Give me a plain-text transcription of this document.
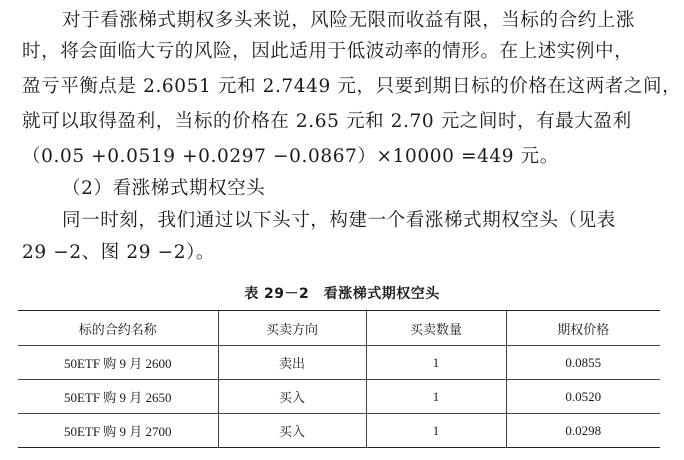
对于看涨梯式期权多头来说，风险无限而收益有限，当标的合约上涨
时，将会面临大亏的风险，因此适用于低波动率的情形。在上述实例中，
盈亏平衡点是 2.6051 元和 2.7449 元，只要到期日标的价格在这两者之间，
就可以取得盈利，当标的价格在 2.65 元和 2.70 元之间时，有最大盈利
（0.05 +0.0519 +0.0297 −0.0867）×10000 =449 元。
（2）看涨梯式期权空头
同一时刻，我们通过以下头寸，构建一个看涨梯式期权空头（见表
29 −2、图 29 −2）。
表 29－2　看涨梯式期权空头
标的合约名称	买卖方向	买卖数量	期权价格
50ETF 购 9 月 2600	卖出	1	0.0855
50ETF 购 9 月 2650	买入	1	0.0520
50ETF 购 9 月 2700	买入	1	0.0298
